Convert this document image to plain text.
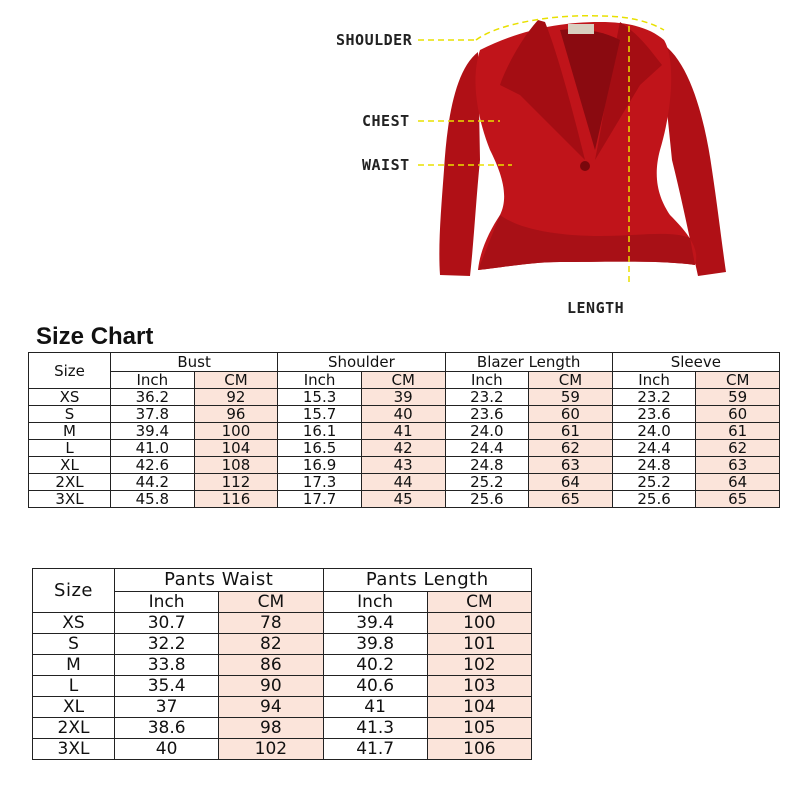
SHOULDER
CHEST
WAIST
LENGTH
Size Chart
Size	Bust		Shoulder		Blazer Length		Sleeve	
	Inch	CM	Inch	CM	Inch	CM	Inch	CM
XS	36.2	92	15.3	39	23.2	59	23.2	59
S	37.8	96	15.7	40	23.6	60	23.6	60
M	39.4	100	16.1	41	24.0	61	24.0	61
L	41.0	104	16.5	42	24.4	62	24.4	62
XL	42.6	108	16.9	43	24.8	63	24.8	63
2XL	44.2	112	17.3	44	25.2	64	25.2	64
3XL	45.8	116	17.7	45	25.6	65	25.6	65
Size	Pants Waist		Pants Length	
	Inch	CM	Inch	CM
XS	30.7	78	39.4	100
S	32.2	82	39.8	101
M	33.8	86	40.2	102
L	35.4	90	40.6	103
XL	37	94	41	104
2XL	38.6	98	41.3	105
3XL	40	102	41.7	106
